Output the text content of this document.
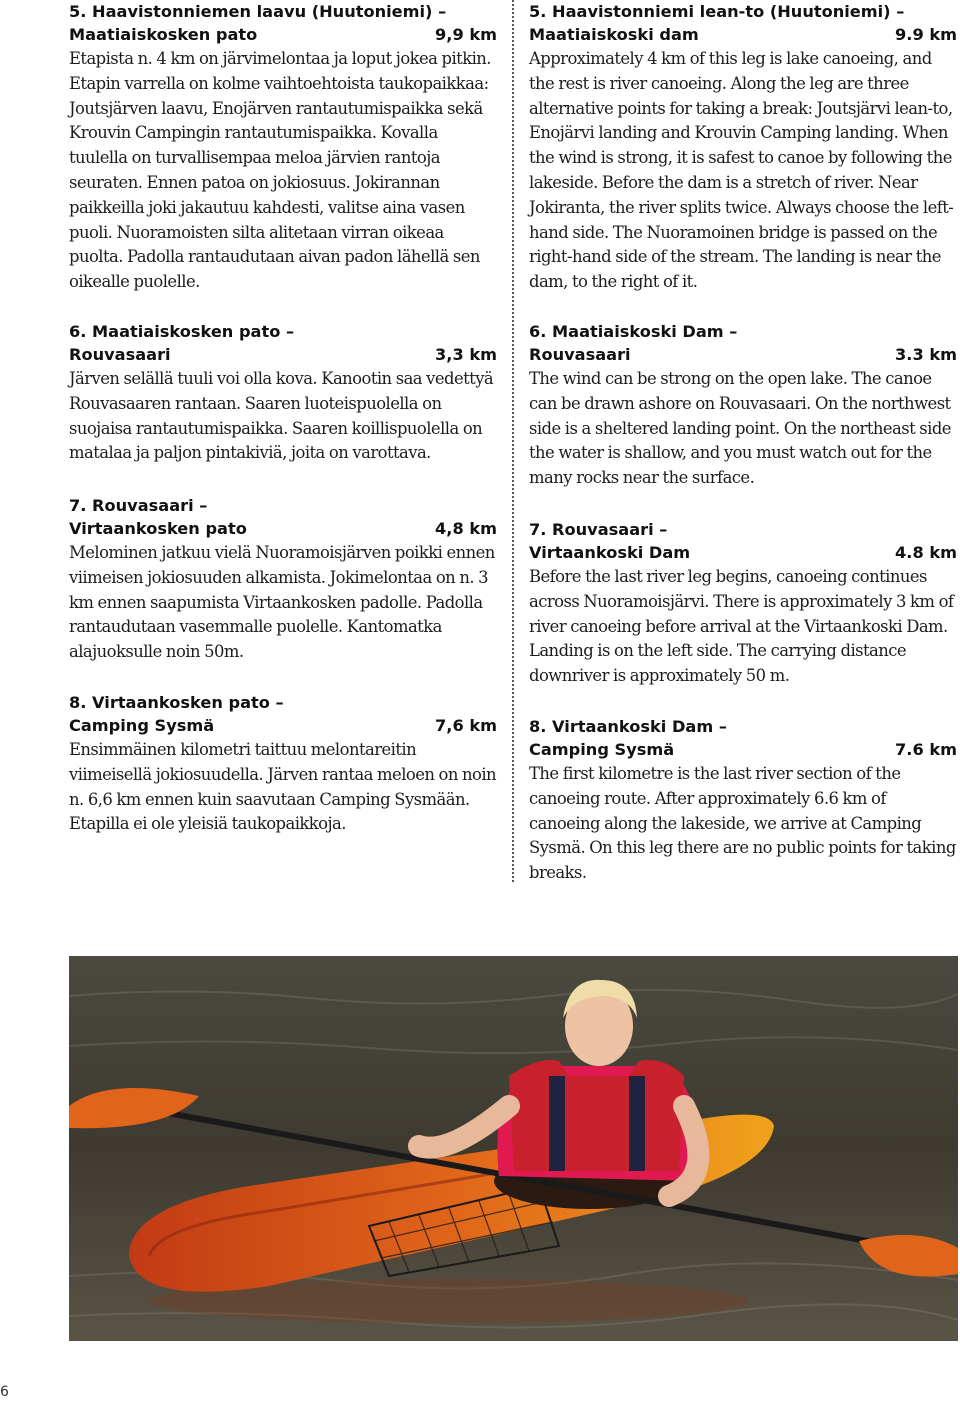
5. Haavistonniemen laavu (Huutoniemi) –
Maatiaiskosken pato	9,9 km

Etapista n. 4 km on järvimelontaa ja loput jokea pitkin. Etapin varrella on kolme vaihtoehtoista taukopaikkaa: Joutsjärven laavu, Enojärven rantautumispaikka sekä Krouvin Campingin rantautumispaikka. Kovalla tuulella on turvallisempaa meloa järvien rantoja seuraten. Ennen patoa on jokiosuus. Jokirannan paikkeilla joki jakautuu kahdesti, valitse aina vasen puoli. Nuoramoisten silta alitetaan virran oikeaa puolta. Padolla rantaudutaan aivan padon lähellä sen oikealle puolelle.

6. Maatiaiskosken pato –
Rouvasaari	3,3 km

Järven selällä tuuli voi olla kova. Kanootin saa vedettyä Rouvasaaren rantaan. Saaren luoteispuolella on suojaisa rantautumispaikka. Saaren koillispuolella on matalaa ja paljon pintakiviä, joita on varottava.

7. Rouvasaari –
Virtaankosken pato	4,8 km

Melominen jatkuu vielä Nuoramoisjärven poikki ennen viimeisen jokiosuuden alkamista. Jokimelontaa on n. 3 km ennen saapumista Virtaankosken padolle. Padolla rantaudutaan vasemmalle puolelle. Kantomatka alajuoksulle noin 50m.

8. Virtaankosken pato –
Camping Sysmä	7,6 km

Ensimmäinen kilometri taittuu melontareitin viimeisellä jokiosuudella. Järven rantaa meloen on noin n. 6,6 km ennen kuin saavutaan Camping Sysmään. Etapilla ei ole yleisiä taukopaikkoja.

5. Haavistonniemi lean-to (Huutoniemi) –
Maatiaiskoski dam	9.9 km

Approximately 4 km of this leg is lake canoeing, and the rest is river canoeing. Along the leg are three alternative points for taking a break: Joutsjärvi lean-to, Enojärvi landing and Krouvin Camping landing. When the wind is strong, it is safest to canoe by following the lakeside. Before the dam is a stretch of river. Near Jokiranta, the river splits twice. Always choose the left-hand side. The Nuoramoinen bridge is passed on the right-hand side of the stream. The landing is near the dam, to the right of it.

6. Maatiaiskoski Dam –
Rouvasaari	3.3 km

The wind can be strong on the open lake. The canoe can be drawn ashore on Rouvasaari. On the northwest side is a sheltered landing point. On the northeast side the water is shallow, and you must watch out for the many rocks near the surface.

7. Rouvasaari –
Virtaankoski Dam	4.8 km

Before the last river leg begins, canoeing continues across Nuoramoisjärvi. There is approximately 3 km of river canoeing before arrival at the Virtaankoski Dam. Landing is on the left side. The carrying distance downriver is approximately 50 m.

8. Virtaankoski Dam –
Camping Sysmä	7.6 km

The first kilometre is the last river section of the canoeing route. After approximately 6.6 km of canoeing along the lakeside, we arrive at Camping Sysmä. On this leg there are no public points for taking breaks.

6
